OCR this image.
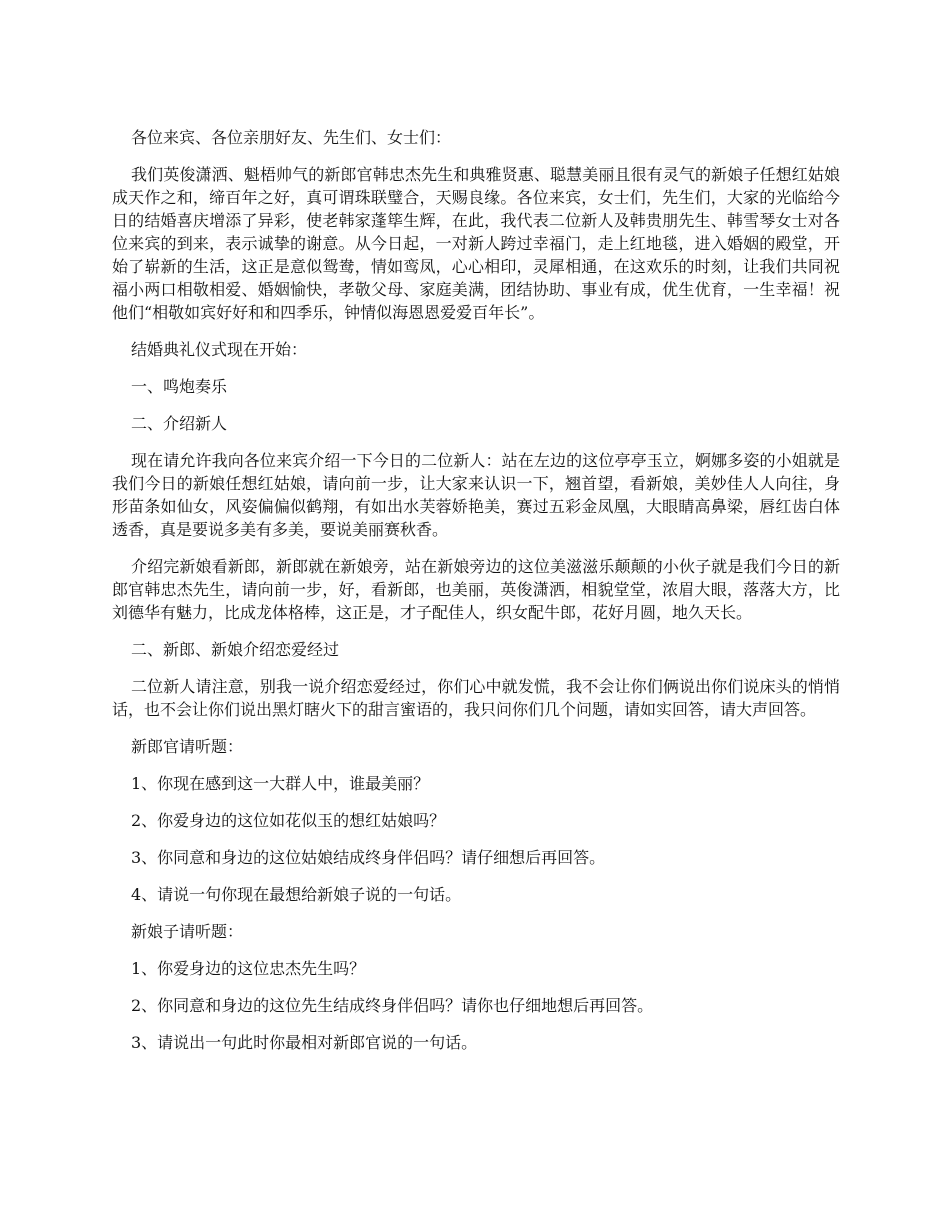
各位来宾、各位亲朋好友、先生们、女士们：

我们英俊潇洒、魁梧帅气的新郎官韩忠杰先生和典雅贤惠、聪慧美丽且很有灵气的新娘子任想红姑娘成天作之和，缔百年之好，真可谓珠联璧合，天赐良缘。各位来宾，女士们，先生们，大家的光临给今日的结婚喜庆增添了异彩，使老韩家蓬筚生辉，在此，我代表二位新人及韩贵朋先生、韩雪琴女士对各位来宾的到来，表示诚挚的谢意。从今日起，一对新人跨过幸福门，走上红地毯，进入婚姻的殿堂，开始了崭新的生活，这正是意似鸳鸯，情如鸾凤，心心相印，灵犀相通，在这欢乐的时刻，让我们共同祝福小两口相敬相爱、婚姻愉快，孝敬父母、家庭美满，团结协助、事业有成，优生优育，一生幸福！祝他们“相敬如宾好好和和四季乐，钟情似海恩恩爱爱百年长”。

结婚典礼仪式现在开始：

一、鸣炮奏乐

二、介绍新人

现在请允许我向各位来宾介绍一下今日的二位新人：站在左边的这位亭亭玉立，婀娜多姿的小姐就是我们今日的新娘任想红姑娘，请向前一步，让大家来认识一下，翘首望，看新娘，美妙佳人人向往，身形苗条如仙女，风姿偏偏似鹤翔，有如出水芙蓉娇艳美，赛过五彩金凤凰，大眼睛高鼻梁，唇红齿白体透香，真是要说多美有多美，要说美丽赛秋香。

介绍完新娘看新郎，新郎就在新娘旁，站在新娘旁边的这位美滋滋乐颠颠的小伙子就是我们今日的新郎官韩忠杰先生，请向前一步，好，看新郎，也美丽，英俊潇洒，相貌堂堂，浓眉大眼，落落大方，比刘德华有魅力，比成龙体格棒，这正是，才子配佳人，织女配牛郎，花好月圆，地久天长。

二、新郎、新娘介绍恋爱经过

二位新人请注意，别我一说介绍恋爱经过，你们心中就发慌，我不会让你们俩说出你们说床头的悄悄话，也不会让你们说出黑灯瞎火下的甜言蜜语的，我只问你们几个问题，请如实回答，请大声回答。

新郎官请听题：

1、你现在感到这一大群人中，谁最美丽？

2、你爱身边的这位如花似玉的想红姑娘吗？

3、你同意和身边的这位姑娘结成终身伴侣吗？请仔细想后再回答。

4、请说一句你现在最想给新娘子说的一句话。

新娘子请听题：

1、你爱身边的这位忠杰先生吗？

2、你同意和身边的这位先生结成终身伴侣吗？请你也仔细地想后再回答。

3、请说出一句此时你最相对新郎官说的一句话。
